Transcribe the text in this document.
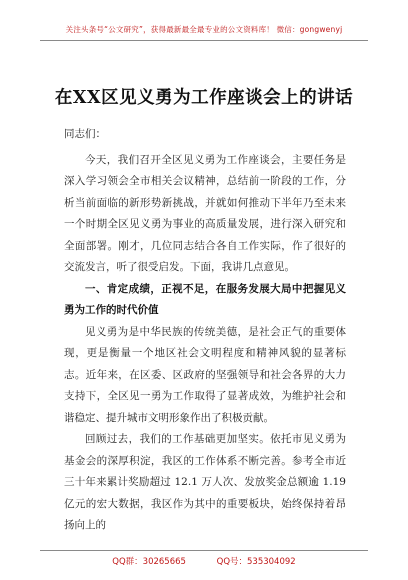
关注头条号“公文研究”，获得最新最全最专业的公文资料库！ 微信：gongwenyj
在XX区见义勇为工作座谈会上的讲话

同志们：

今天，我们召开全区见义勇为工作座谈会，主要任务是深入学习领会全市相关会议精神，总结前一阶段的工作，分析当前面临的新形势新挑战，并就如何推动下半年乃至未来一个时期全区见义勇为事业的高质量发展，进行深入研究和全面部署。刚才，几位同志结合各自工作实际，作了很好的交流发言，听了很受启发。下面，我讲几点意见。

一、肯定成绩，正视不足，在服务发展大局中把握见义勇为工作的时代价值

见义勇为是中华民族的传统美德，是社会正气的重要体现，更是衡量一个地区社会文明程度和精神风貌的显著标志。近年来，在区委、区政府的坚强领导和社会各界的大力支持下，全区见一勇为工作取得了显著成效，为维护社会和谐稳定、提升城市文明形象作出了积极贡献。

回顾过去，我们的工作基础更加坚实。依托市见义勇为基金会的深厚积淀，我区的工作体系不断完善。参考全市近三十年来累计奖励超过 12.1 万人次、发放奖金总额逾 1.19 亿元的宏大数据，我区作为其中的重要板块，始终保持着昂扬向上的

QQ群：30265665	QQ号：535304092
